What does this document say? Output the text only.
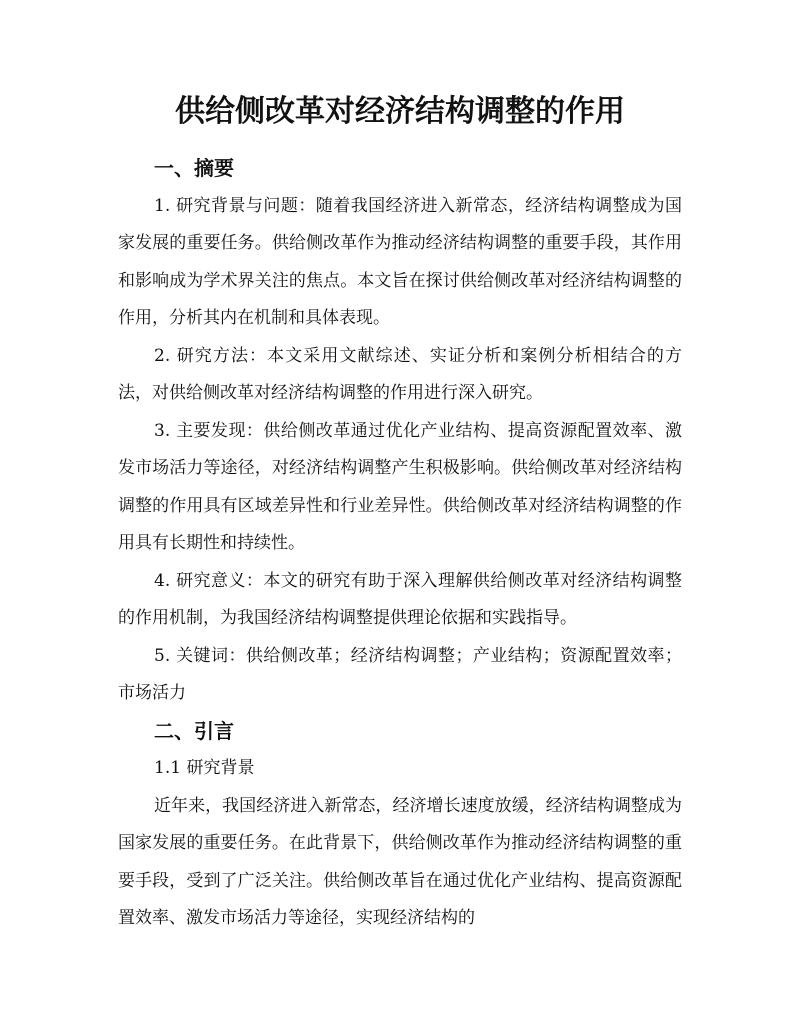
供给侧改革对经济结构调整的作用
一、摘要

1. 研究背景与问题：随着我国经济进入新常态，经济结构调整成为国家发展的重要任务。供给侧改革作为推动经济结构调整的重要手段，其作用和影响成为学术界关注的焦点。本文旨在探讨供给侧改革对经济结构调整的作用，分析其内在机制和具体表现。

2. 研究方法：本文采用文献综述、实证分析和案例分析相结合的方法，对供给侧改革对经济结构调整的作用进行深入研究。

3. 主要发现：供给侧改革通过优化产业结构、提高资源配置效率、激发市场活力等途径，对经济结构调整产生积极影响。供给侧改革对经济结构调整的作用具有区域差异性和行业差异性。供给侧改革对经济结构调整的作用具有长期性和持续性。

4. 研究意义：本文的研究有助于深入理解供给侧改革对经济结构调整的作用机制，为我国经济结构调整提供理论依据和实践指导。

5. 关键词：供给侧改革；经济结构调整；产业结构；资源配置效率；市场活力

二、引言

1.1 研究背景

近年来，我国经济进入新常态，经济增长速度放缓，经济结构调整成为国家发展的重要任务。在此背景下，供给侧改革作为推动经济结构调整的重要手段，受到了广泛关注。供给侧改革旨在通过优化产业结构、提高资源配置效率、激发市场活力等途径，实现经济结构的
